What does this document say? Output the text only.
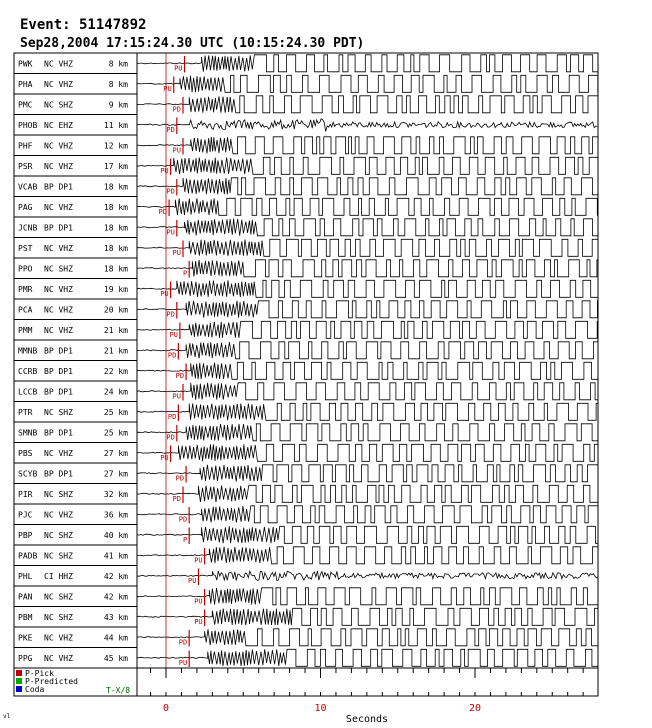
Event: 51147892
Sep28,2004 17:15:24.30 UTC (10:15:24.30 PDT)
PWK NC VHZ	8 km
PHA NC VHZ	8 km
PMC NC SHZ	9 km
PHOB NC EHZ	11 km
PHF NC VHZ	12 km
PSR NC VHZ	17 km
VCAB BP DP1	18 km
PAG NC VHZ	18 km
JCNB BP DP1	18 km
PST NC VHZ	18 km
PPO NC SHZ	18 km
PMR NC VHZ	19 km
PCA NC VHZ	20 km
PMM NC VHZ	21 km
MMNB BP DP1	21 km
CCRB BP DP1	22 km
LCCB BP DP1	24 km
PTR NC SHZ	25 km
SMNB BP DP1	25 km
PBS NC VHZ	27 km
SCYB BP DP1	27 km
PIR NC SHZ	32 km
PJC NC VHZ	36 km
PBP NC SHZ	40 km
PADB NC SHZ	41 km
PHL CI HHZ	42 km
PAN NC SHZ	42 km
PBM NC SHZ	43 km
PKE NC VHZ	44 km
PPG NC VHZ	45 km
PU
PU
PD
PD
PU
PU
PD
PD
PU
PU
P
PU
PD
PU
PD
PD
PU
PD
PD
PU
PD
PD
PD
P
PU
PU
PU
PU
PD
PU
0	10	20
P-Pick
P-Predicted
Coda	T-X/8
vl	Seconds
